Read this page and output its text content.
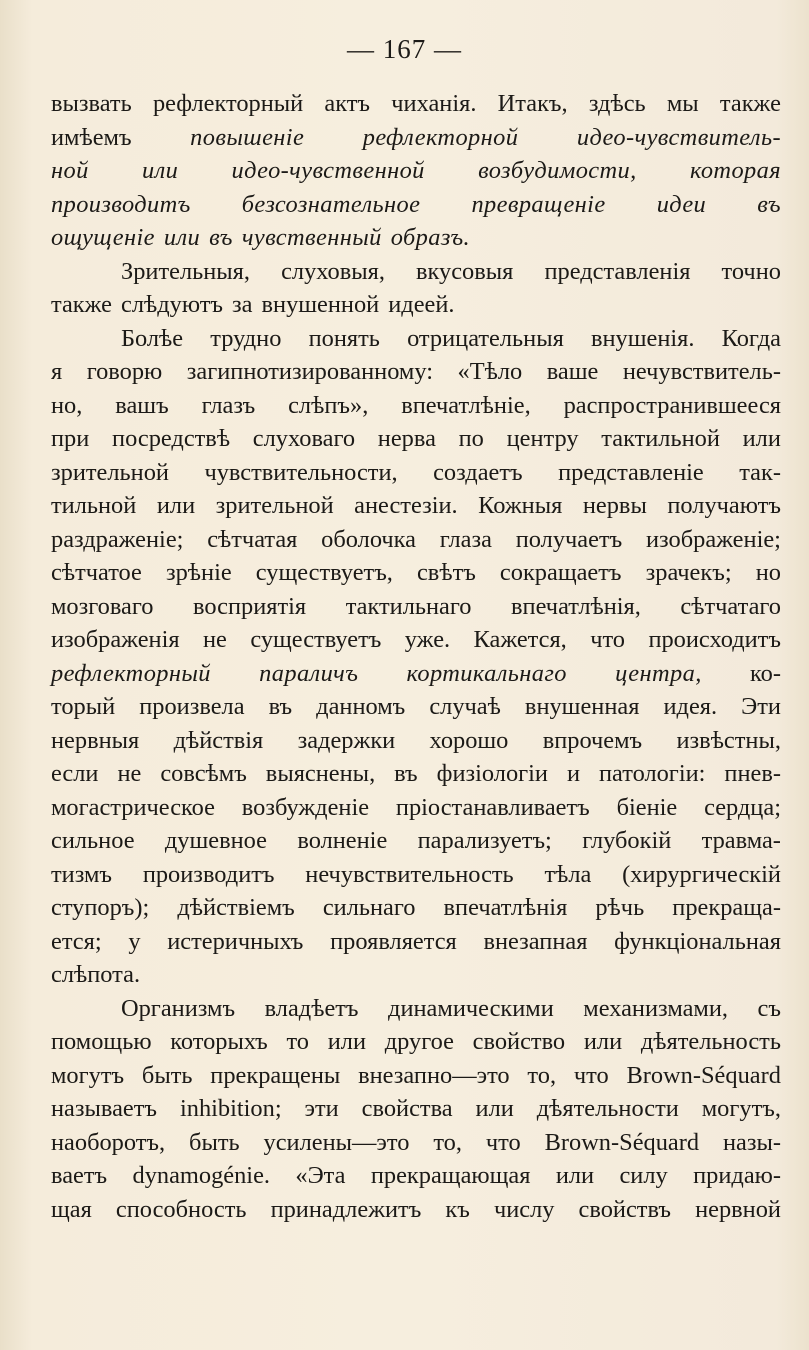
— 167 —
вызвать рефлекторный актъ чиханія. Итакъ, здѣсь мы также
имѣемъ повышеніе рефлекторной идео-чувствитель-
ной или идео-чувственной возбудимости, которая
производитъ безсознательное превращеніе идеи въ
ощущеніе или въ чувственный образъ.
Зрительныя, слуховыя, вкусовыя представленія точно
также слѣдуютъ за внушенной идеей.
Болѣе трудно понять отрицательныя внушенія. Когда
я говорю загипнотизированному: «Тѣло ваше нечувствитель-
но, вашъ глазъ слѣпъ», впечатлѣніе, распространившееся
при посредствѣ слуховаго нерва по центру тактильной или
зрительной чувствительности, создаетъ представленіе так-
тильной или зрительной анестезіи. Кожныя нервы получаютъ
раздраженіе; сѣтчатая оболочка глаза получаетъ изображеніе;
сѣтчатое зрѣніе существуетъ, свѣтъ сокращаетъ зрачекъ; но
мозговаго восприятія тактильнаго впечатлѣнія, сѣтчатаго
изображенія не существуетъ уже. Кажется, что происходитъ
рефлекторный параличъ кортикальнаго центра, ко-
торый произвела въ данномъ случаѣ внушенная идея. Эти
нервныя дѣйствія задержки хорошо впрочемъ извѣстны,
если не совсѣмъ выяснены, въ физіологіи и патологіи: пнев-
могастрическое возбужденіе пріостанавливаетъ біеніе сердца;
сильное душевное волненіе парализуетъ; глубокій травма-
тизмъ производитъ нечувствительность тѣла (хирургическій
ступоръ); дѣйствіемъ сильнаго впечатлѣнія рѣчь прекраща-
ется; у истеричныхъ проявляется внезапная функціональная
слѣпота.
Организмъ владѣетъ динамическими механизмами, съ
помощью которыхъ то или другое свойство или дѣятельность
могутъ быть прекращены внезапно—это то, что Brown-Séquard
называетъ inhibition; эти свойства или дѣятельности могутъ,
наоборотъ, быть усилены—это то, что Brown-Séquard назы-
ваетъ dynamogénie. «Эта прекращающая или силу придаю-
щая способность принадлежитъ къ числу свойствъ нервной
